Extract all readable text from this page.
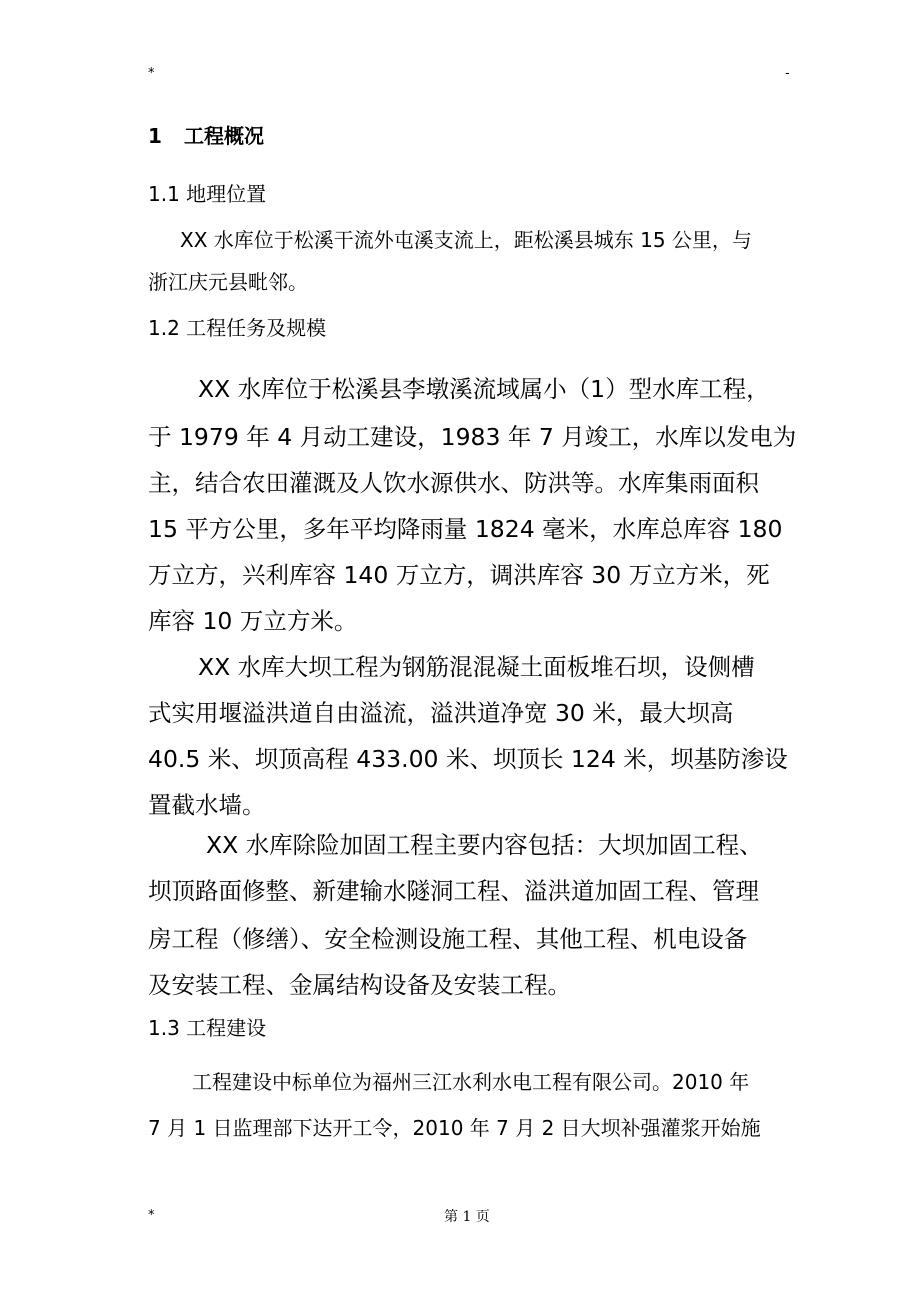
*	-
1 工程概况
1.1 地理位置
XX 水库位于松溪干流外屯溪支流上，距松溪县城东 15 公里，与
浙江庆元县毗邻。
1.2 工程任务及规模
XX 水库位于松溪县李墩溪流域属小（1）型水库工程，
于 1979 年 4 月动工建设，1983 年 7 月竣工，水库以发电为
主，结合农田灌溉及人饮水源供水、防洪等。水库集雨面积
15 平方公里，多年平均降雨量 1824 毫米，水库总库容 180
万立方，兴利库容 140 万立方，调洪库容 30 万立方米，死
库容 10 万立方米。
XX 水库大坝工程为钢筋混混凝土面板堆石坝，设侧槽
式实用堰溢洪道自由溢流，溢洪道净宽 30 米，最大坝高
40.5 米、坝顶高程 433.00 米、坝顶长 124 米，坝基防渗设
置截水墙。
XX 水库除险加固工程主要内容包括：大坝加固工程、
坝顶路面修整、新建输水隧洞工程、溢洪道加固工程、管理
房工程（修缮）、安全检测设施工程、其他工程、机电设备
及安装工程、金属结构设备及安装工程。
1.3 工程建设
工程建设中标单位为福州三江水利水电工程有限公司。2010 年
7 月 1 日监理部下达开工令，2010 年 7 月 2 日大坝补强灌浆开始施
*	第 1 页
